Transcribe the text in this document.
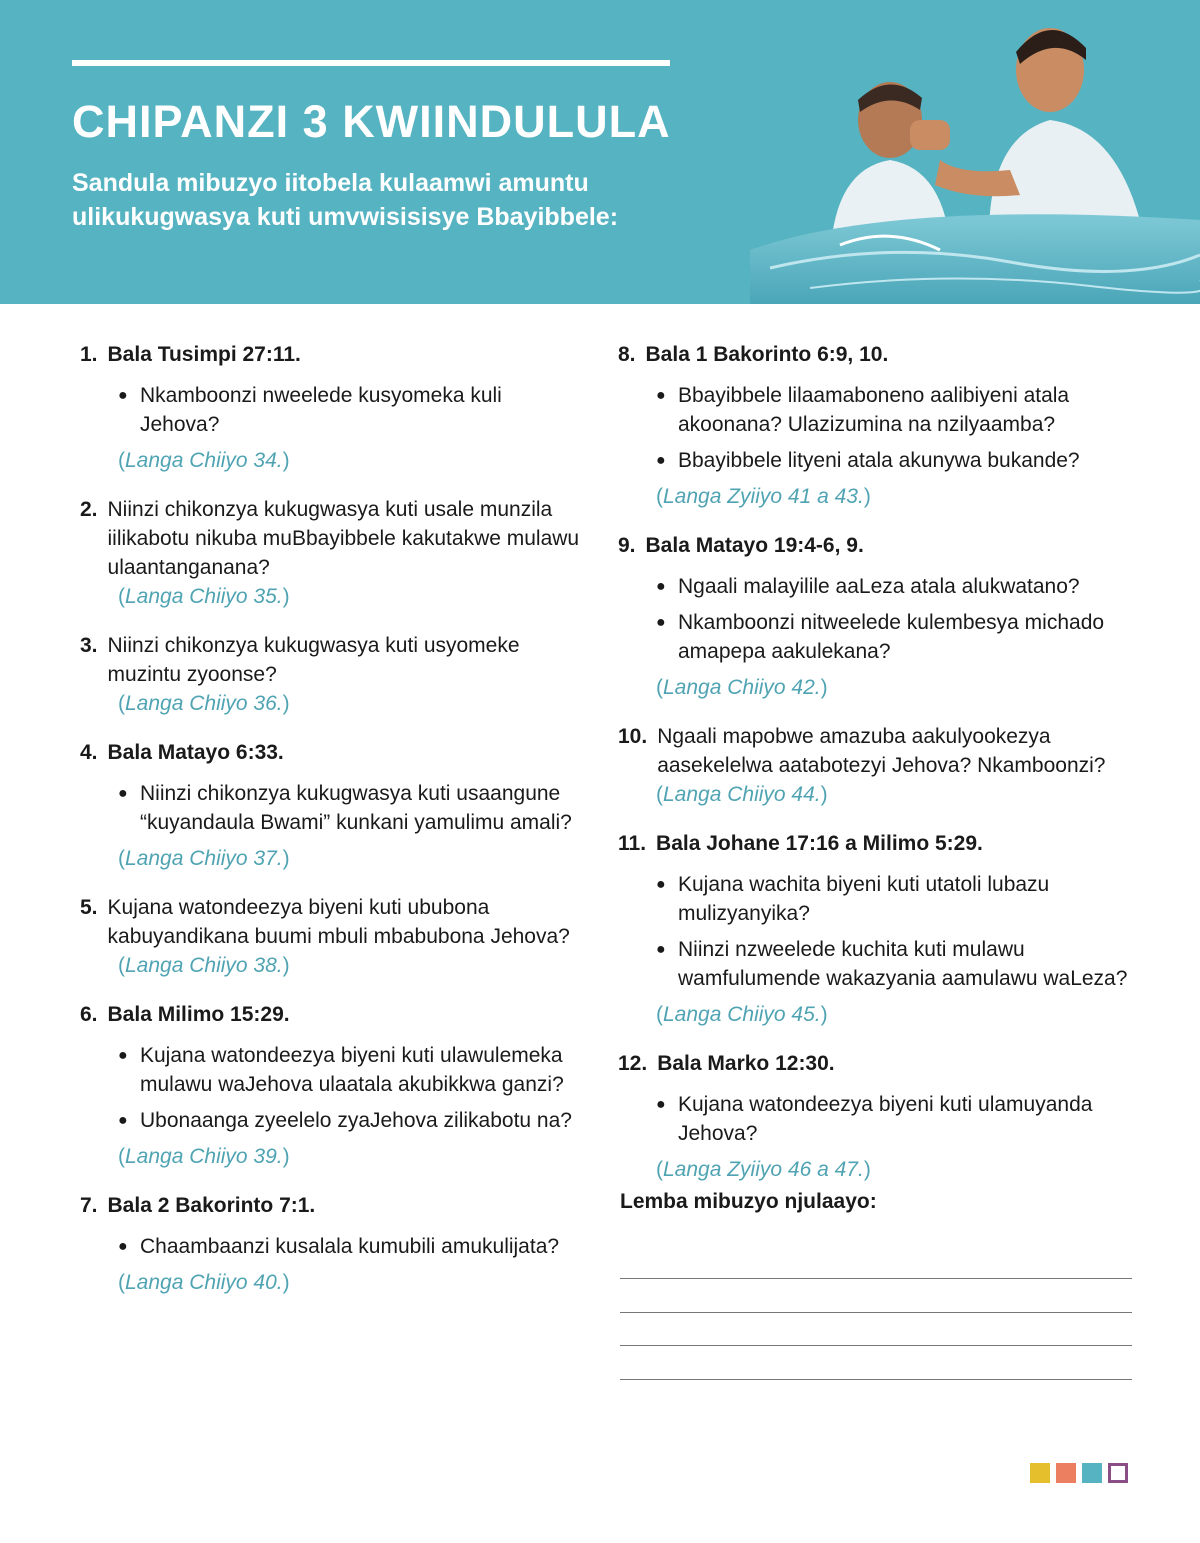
CHIPANZI 3 KWIINDULULA
Sandula mibuzyo iitobela kulaamwi amuntu ulikukugwasya kuti umvwisisisye Bbayibbele:
1. Bala Tusimpi 27:11.
● Nkamboonzi nweelede kusyomeka kuli Jehova?
(Langa Chiiyo 34.)
2. Niinzi chikonzya kukugwasya kuti usale munzila iilikabotu nikuba muBbayibbele kakutakwe mulawu ulaantanganana?
(Langa Chiiyo 35.)
3. Niinzi chikonzya kukugwasya kuti usyomeke muzintu zyoonse?
(Langa Chiiyo 36.)
4. Bala Matayo 6:33.
● Niinzi chikonzya kukugwasya kuti usaangune “kuyandaula Bwami” kunkani yamulimu amali?
(Langa Chiiyo 37.)
5. Kujana watondeezya biyeni kuti ububona kabuyandikana buumi mbuli mbabubona Jehova?
(Langa Chiiyo 38.)
6. Bala Milimo 15:29.
● Kujana watondeezya biyeni kuti ulawulemeka mulawu waJehova ulaatala akubikkwa ganzi?
● Ubonaanga zyeelelo zyaJehova zilikabotu na?
(Langa Chiiyo 39.)
7. Bala 2 Bakorinto 7:1.
● Chaambaanzi kusalala kumubili amukulijata?
(Langa Chiiyo 40.)
8. Bala 1 Bakorinto 6:9, 10.
● Bbayibbele lilaamaboneno aalibiyeni atala akoonana? Ulazizumina na nzilyaamba?
● Bbayibbele lityeni atala akunywa bukande?
(Langa Zyiiyo 41 a 43.)
9. Bala Matayo 19:4-6, 9.
● Ngaali malayilile aaLeza atala alukwatano?
● Nkamboonzi nitweelede kulembesya michado amapepa aakulekana?
(Langa Chiiyo 42.)
10. Ngaali mapobwe amazuba aakulyookezya aasekelelwa aatabotezyi Jehova? Nkamboonzi?
(Langa Chiiyo 44.)
11. Bala Johane 17:16 a Milimo 5:29.
● Kujana wachita biyeni kuti utatoli lubazu mulizyanyika?
● Niinzi nzweelede kuchita kuti mulawu wamfulumende wakazyania aamulawu waLeza?
(Langa Chiiyo 45.)
12. Bala Marko 12:30.
● Kujana watondeezya biyeni kuti ulamuyanda Jehova?
(Langa Zyiiyo 46 a 47.)
Lemba mibuzyo njulaayo:
